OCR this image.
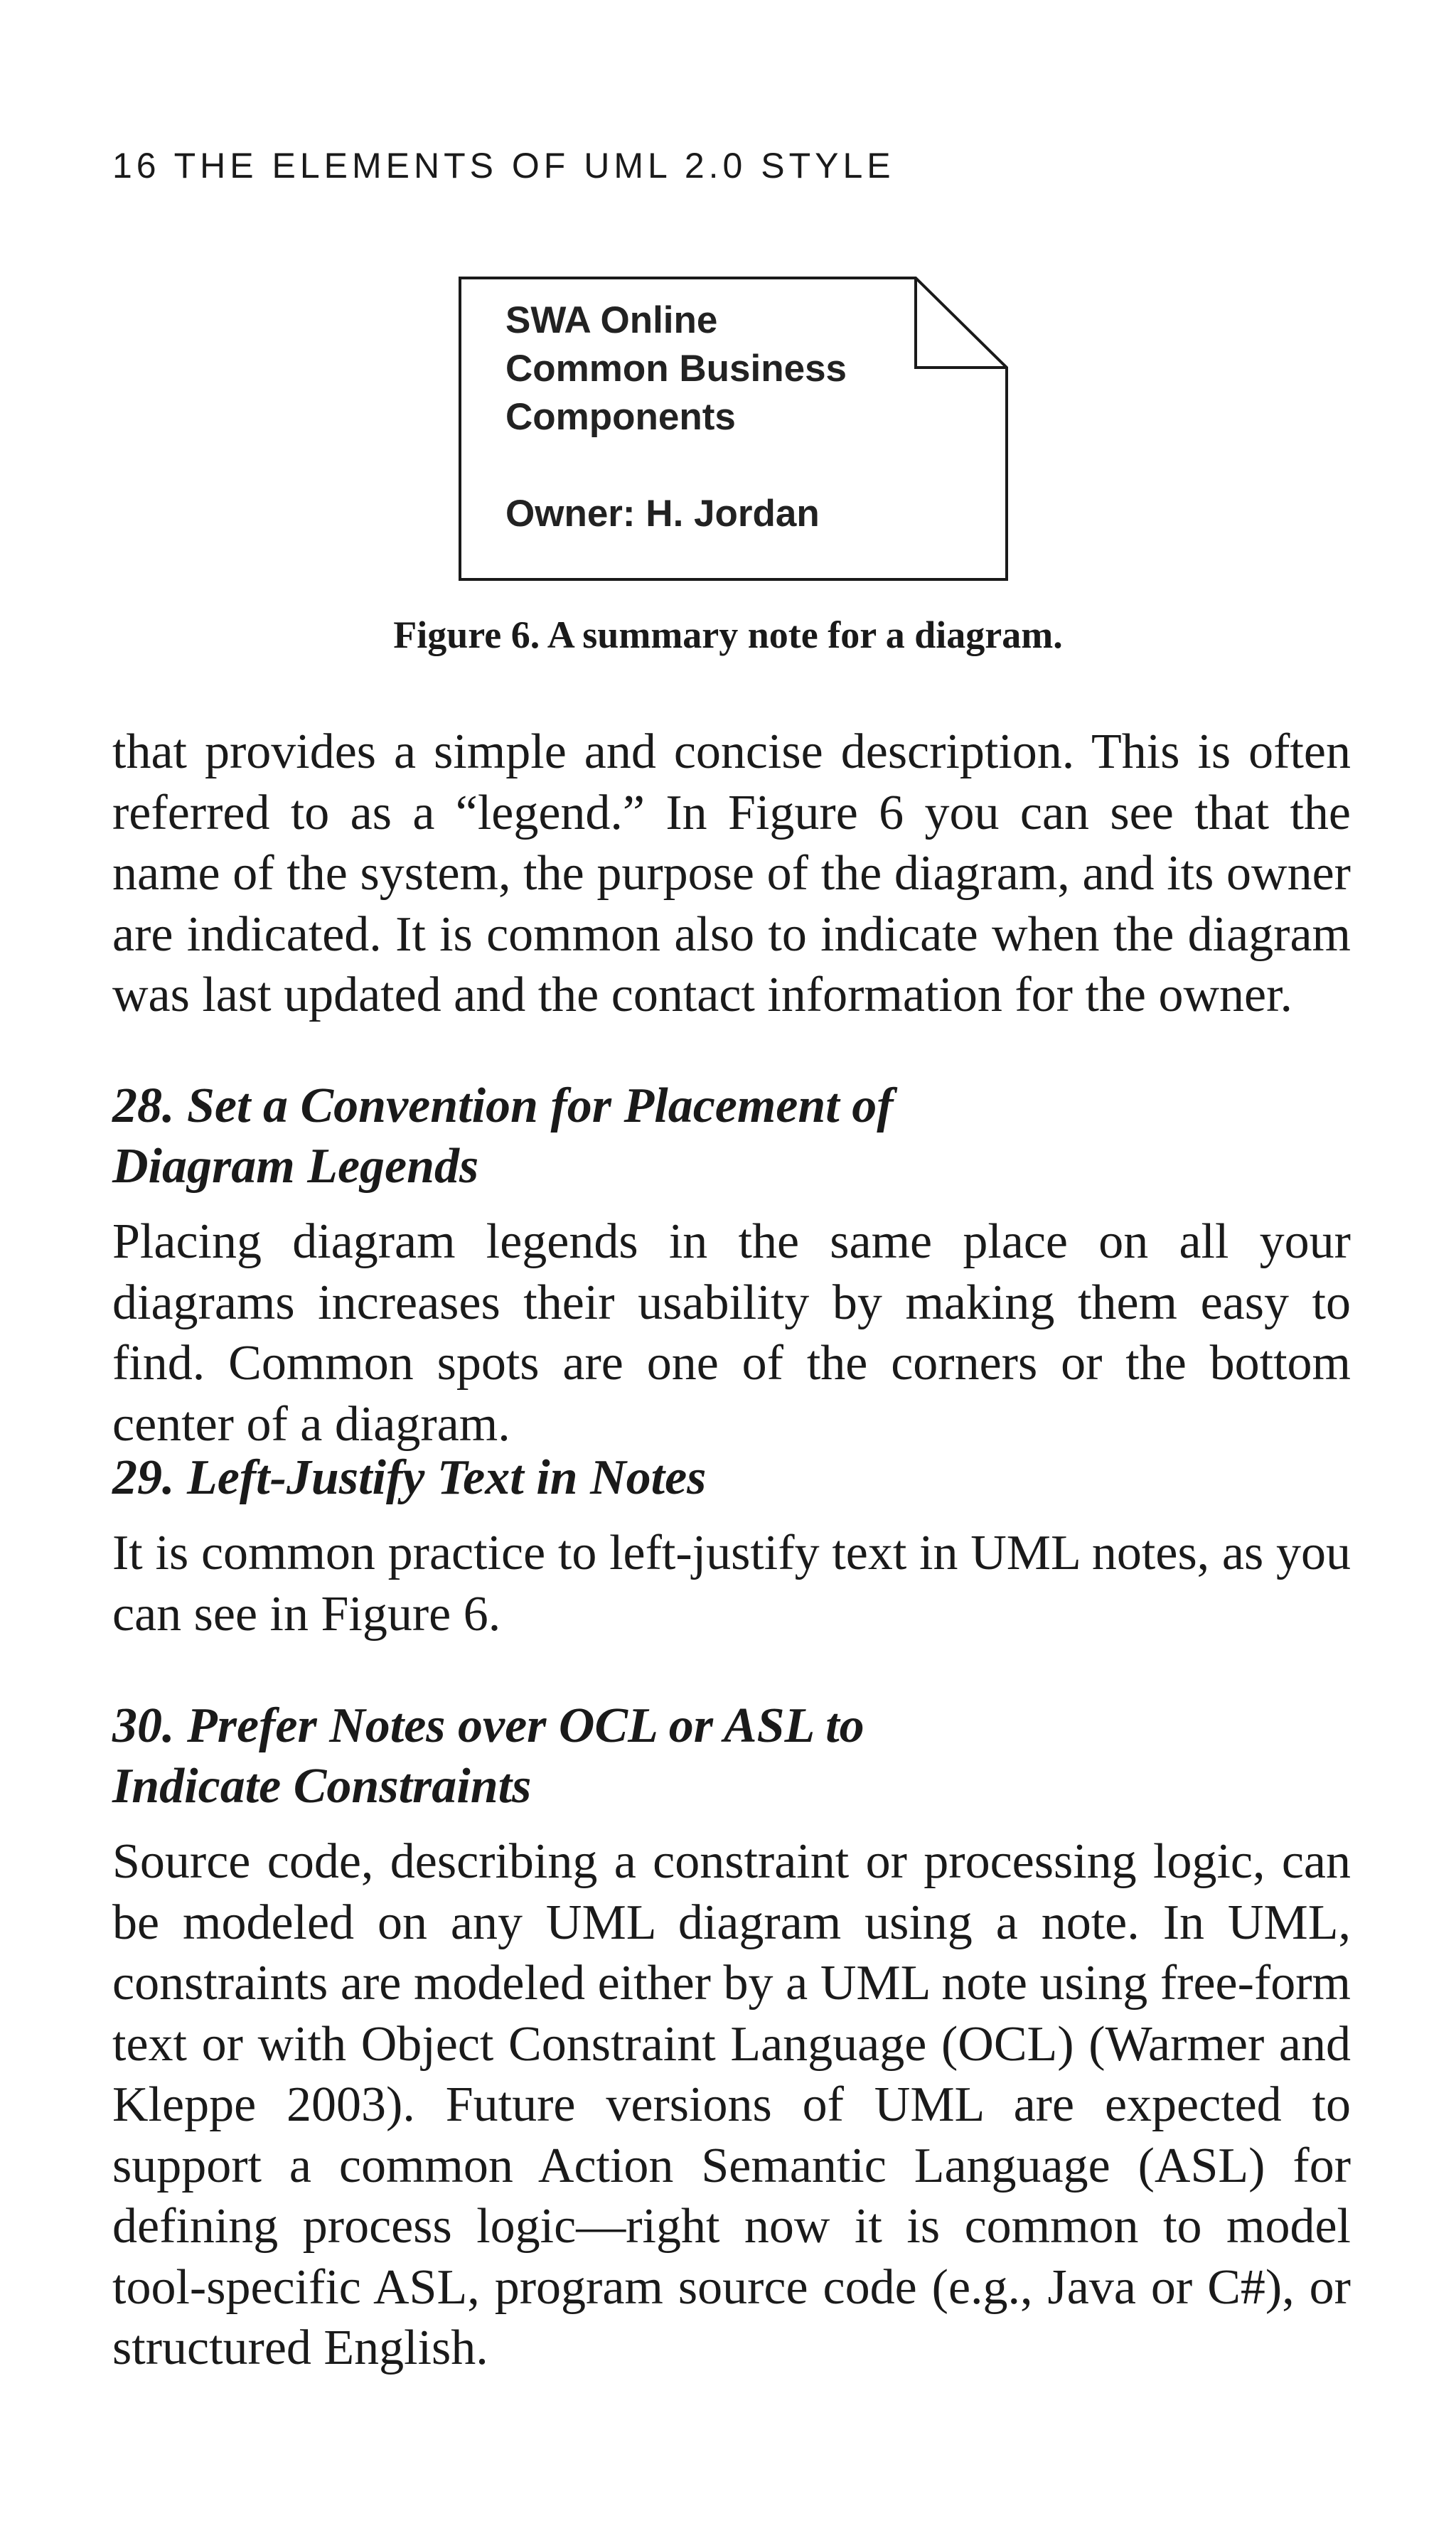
16 THE ELEMENTS OF UML 2.0 STYLE
SWA Online
Common Business
Components
Owner: H. Jordan
Figure 6. A summary note for a diagram.
that provides a simple and concise description. This is often referred to as a “legend.” In Figure 6 you can see that the name of the system, the purpose of the diagram, and its owner are indicated. It is common also to indicate when the diagram was last updated and the contact information for the owner.
28. Set a Convention for Placement of
Diagram Legends
Placing diagram legends in the same place on all your diagrams increases their usability by making them easy to find. Common spots are one of the corners or the bottom center of a diagram.
29. Left-Justify Text in Notes
It is common practice to left-justify text in UML notes, as you can see in Figure 6.
30. Prefer Notes over OCL or ASL to
Indicate Constraints
Source code, describing a constraint or processing logic, can be modeled on any UML diagram using a note. In UML, constraints are modeled either by a UML note using free-form text or with Object Constraint Language (OCL) (Warmer and Kleppe 2003). Future versions of UML are expected to support a common Action Semantic Language (ASL) for defining process logic—right now it is common to model tool-specific ASL, program source code (e.g., Java or C#), or structured English.
